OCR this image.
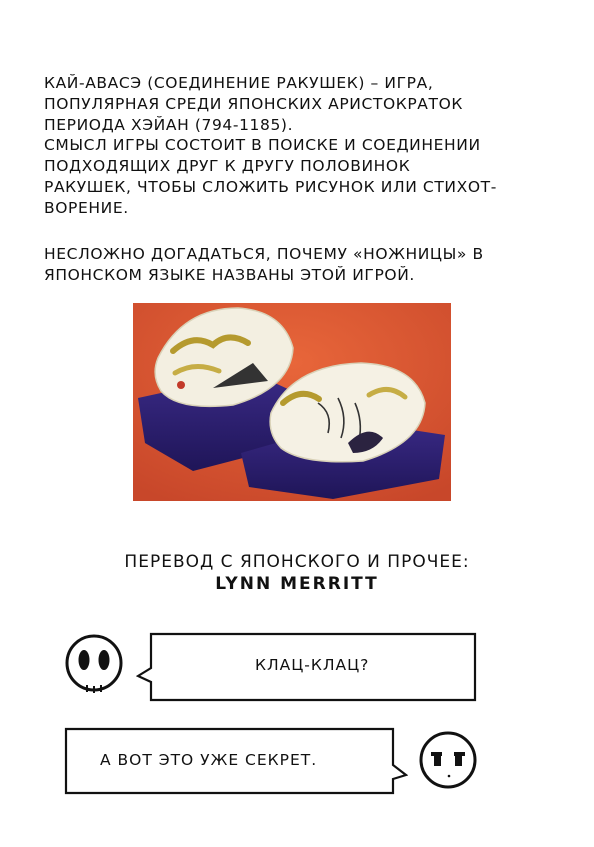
КАЙ-АВАСЭ (СОЕДИНЕНИЕ РАКУШЕК) – ИГРА,
ПОПУЛЯРНАЯ СРЕДИ ЯПОНСКИХ АРИСТОКРАТОК
ПЕРИОДА ХЭЙАН (794-1185).
СМЫСЛ ИГРЫ СОСТОИТ В ПОИСКЕ И СОЕДИНЕНИИ
ПОДХОДЯЩИХ ДРУГ К ДРУГУ ПОЛОВИНОК
РАКУШЕК, ЧТОБЫ СЛОЖИТЬ РИСУНОК ИЛИ СТИХОТ-
ВОРЕНИЕ.

НЕСЛОЖНО ДОГАДАТЬСЯ, ПОЧЕМУ «НОЖНИЦЫ» В
ЯПОНСКОМ ЯЗЫКЕ НАЗВАНЫ ЭТОЙ ИГРОЙ.

ПЕРЕВОД С ЯПОНСКОГО И ПРОЧЕЕ:
LYNN MERRITT
КЛАЦ-КЛАЦ?
А ВОТ ЭТО УЖЕ СЕКРЕТ.
